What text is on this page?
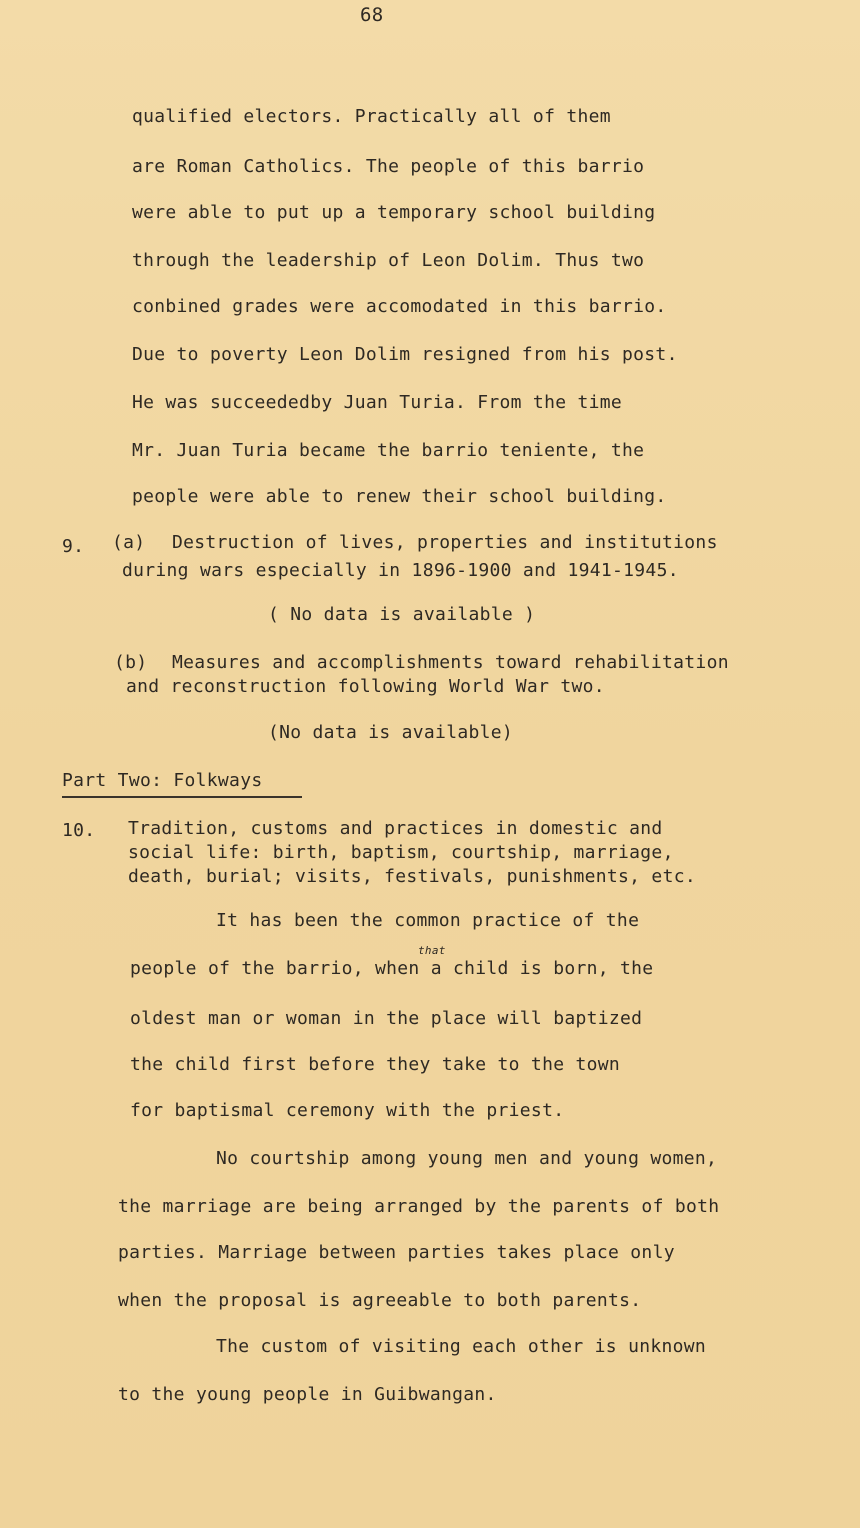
68
qualified electors. Practically all of them
are Roman Catholics. The people of this barrio
were able to put up a temporary school building
through the leadership of Leon Dolim. Thus two
conbined grades were accomodated in this barrio.
Due to poverty Leon Dolim resigned from his post.
He was succeededby Juan Turia. From the time
Mr. Juan Turia became the barrio teniente, the
people were able to renew their school building.
9. (a) Destruction of lives, properties and institutions
during wars especially in 1896-1900 and 1941-1945.
( No data is available )
(b) Measures and accomplishments toward rehabilitation
and reconstruction following World War two.
(No data is available)
Part Two: Folkways
10. Tradition, customs and practices in domestic and
social life: birth, baptism, courtship, marriage,
death, burial; visits, festivals, punishments, etc.
It has been the common practice of the
that
people of the barrio, when a child is born, the
oldest man or woman in the place will baptized
the child first before they take to the town
for baptismal ceremony with the priest.
No courtship among young men and young women,
the marriage are being arranged by the parents of both
parties. Marriage between parties takes place only
when the proposal is agreeable to both parents.
The custom of visiting each other is unknown
to the young people in Guibwangan.
